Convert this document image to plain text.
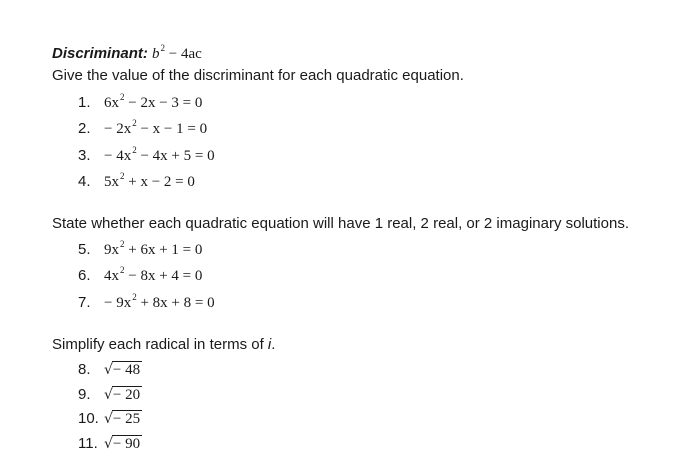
Discriminant: $b^2 - 4ac$
Give the value of the discriminant for each quadratic equation.
1. $6x^2 - 2x - 3 = 0$
2. − $2x^2 - x - 1 = 0$
3. − $4x^2 - 4x + 5 = 0$
4. $5x^2 + x - 2 = 0$
State whether each quadratic equation will have 1 real, 2 real, or 2 imaginary solutions.
5. $9x^2 + 6x + 1 = 0$
6. $4x^2 - 8x + 4 = 0$
7. − $9x^2 + 8x + 8 = 0$
Simplify each radical in terms of i.
8. √− 48
9. √− 20
10. √− 25
11. √− 90
